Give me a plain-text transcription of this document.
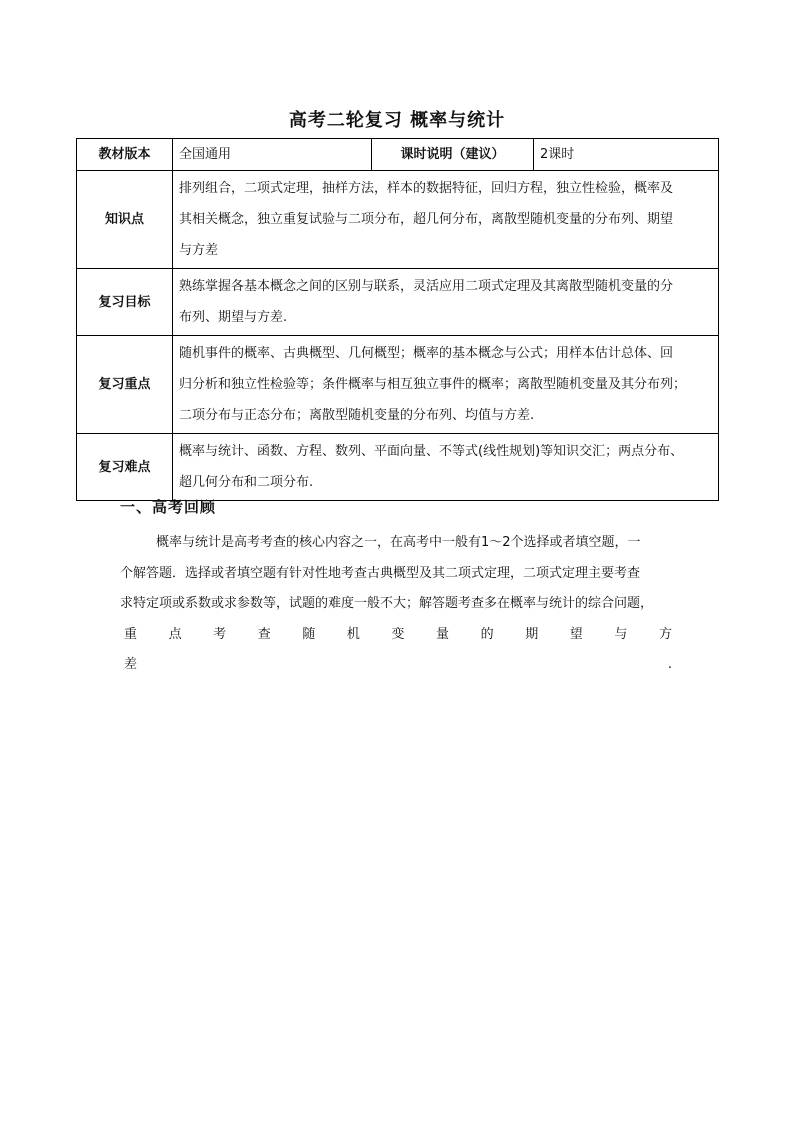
高考二轮复习 概率与统计
教材版本	全国通用	课时说明（建议）	2课时
知识点	排列组合，二项式定理，抽样方法，样本的数据特征，回归方程，独立性检验，概率及
其相关概念，独立重复试验与二项分布，超几何分布，离散型随机变量的分布列、期望
与方差		

复习目标	熟练掌握各基本概念之间的区别与联系，灵活应用二项式定理及其离散型随机变量的分
布列、期望与方差.		

复习重点	随机事件的概率、古典概型、几何概型；概率的基本概念与公式；用样本估计总体、回
归分析和独立性检验等；条件概率与相互独立事件的概率；离散型随机变量及其分布列；
二项分布与正态分布；离散型随机变量的分布列、均值与方差.		

复习难点	概率与统计、函数、方程、数列、平面向量、不等式(线性规划)等知识交汇；两点分布、
超几何分布和二项分布.		
一、高考回顾
概率与统计是高考考查的核心内容之一，在高考中一般有1～2个选择或者填空题，一
个解答题．选择或者填空题有针对性地考查古典概型及其二项式定理，二项式定理主要考查
求特定项或系数或求参数等，试题的难度一般不大；解答题考查多在概率与统计的综合问题，
重 点 考 查 随 机 变 量 的 期 望 与 方
差	.
